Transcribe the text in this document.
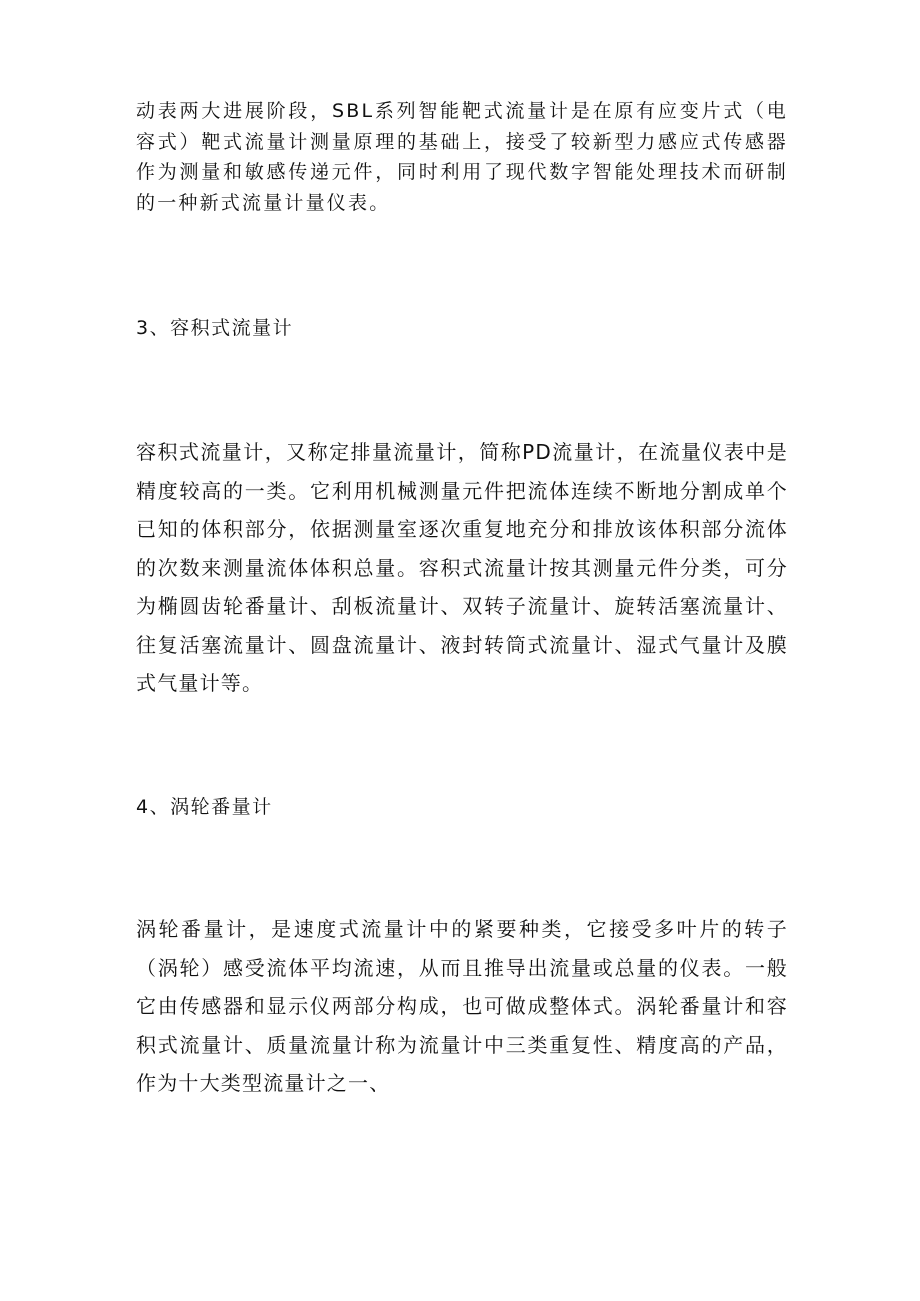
动表两大进展阶段，SBL系列智能靶式流量计是在原有应变片式（电容式）靶式流量计测量原理的基础上，接受了较新型力感应式传感器作为测量和敏感传递元件，同时利用了现代数字智能处理技术而研制的一种新式流量计量仪表。

3、容积式流量计

容积式流量计，又称定排量流量计，简称PD流量计，在流量仪表中是精度较高的一类。它利用机械测量元件把流体连续不断地分割成单个已知的体积部分，依据测量室逐次重复地充分和排放该体积部分流体的次数来测量流体体积总量。容积式流量计按其测量元件分类，可分为椭圆齿轮番量计、刮板流量计、双转子流量计、旋转活塞流量计、往复活塞流量计、圆盘流量计、液封转筒式流量计、湿式气量计及膜式气量计等。

4、涡轮番量计

涡轮番量计，是速度式流量计中的紧要种类，它接受多叶片的转子（涡轮）感受流体平均流速，从而且推导出流量或总量的仪表。一般它由传感器和显示仪两部分构成，也可做成整体式。涡轮番量计和容积式流量计、质量流量计称为流量计中三类重复性、精度高的产品，作为十大类型流量计之一、
